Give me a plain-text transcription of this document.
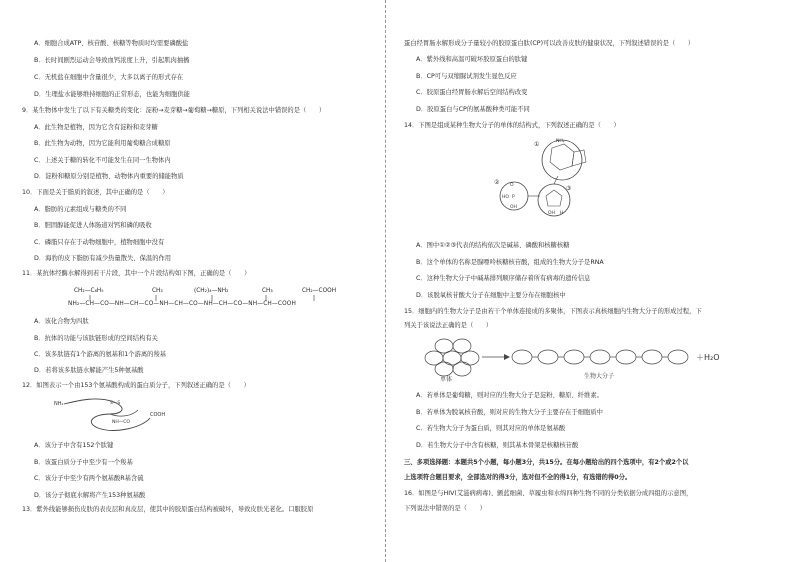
A．细胞合成ATP、核苷酸、核糖等物质时均需要磷酸盐
B．长时间剧烈运动会导致血钙浓度上升，引起肌肉抽搐
C．无机盐在细胞中含量很少，大多以离子的形式存在
D．生理盐水能够维持细胞的正常形态，也能为细胞供能
9．某生物体中发生了以下有关糖类的变化：淀粉→麦芽糖→葡萄糖→糖原，下列相关说法中错误的是（　　）
A．此生物是植物，因为它含有淀粉和麦芽糖
B．此生物为动物，因为它能利用葡萄糖合成糖原
C．上述关于糖的转化不可能发生在同一生物体内
D．淀粉和糖原分别是植物、动物体内重要的储能物质
10．下面是关于脂质的叙述，其中正确的是（　　）
A．脂肪的元素组成与糖类的不同
B．胆固醇能促进人体肠道对钙和磷的吸收
C．磷脂只存在于动物细胞中，植物细胞中没有
D．海豹的皮下脂肪有减少热量散失、保温的作用
11．某抗体经酶水解得到若干片段，其中一个片段结构如下图，正确的是（　　）
CH₂—C₆H₅	CH₃	(CH₂)₄—NH₂	CH₃	CH₂—COOH
NH₂—CH—CO—NH—CH—CO—NH—CH—CO—NH—CH—CO—NH—CH—COOH
A．该化合物为四肽
B．抗体的功能与该肽链形成的空间结构有关
C．该多肽链有1个游离的氨基和1个游离的羧基
D．若将该多肽链水解能产生5种氨基酸
12．如图表示一个由153个氨基酸构成的蛋白质分子，下列叙述正确的是（　　）
NH₂	S—S
NH—CO
COOH
A．该分子中含有152个肽键
B．该蛋白质分子中至少有一个羧基
C．该分子中至少有两个氨基酸R基含硫
D．该分子彻底水解将产生153种氨基酸
13．紫外线能够损伤皮肤的表皮层和真皮层，使其中的胶原蛋白结构被破坏，导致皮肤光老化。口服胶原
蛋白经胃肠水解形成分子量较小的胶原蛋白肽(CP)可以改善皮肤的健康状况，下列叙述错误的是（　　）
A．紫外线和高温可破坏胶原蛋白的肽键
B．CP可与双缩脲试剂发生显色反应
C．胶原蛋白经胃肠水解后空间结构改变
D．胶原蛋白与CP的氨基酸种类可能不同
14．下图是组成某种生物大分子的单体的结构式，下列叙述正确的是（　　）
①
②
③
NH₂
O
HO P
OH
OH H
A．图中①②③代表的结构依次是碱基、磷酸和核糖核糖
B．这个单体的名称是腺嘌呤核糖核苷酸，组成的生物大分子是RNA
C．这种生物大分子中碱基排列顺序储存着所有病毒的遗传信息
D．该脱氧核苷酸大分子在细胞中主要分布在细胞核中
15．细胞内的生物大分子是由若干个单体连接成的多聚体，下图表示真核细胞内生物大分子的形成过程，下
列关于该说法正确的是（　　）
＋H₂O
单体	生物大分子
A．若单体是葡萄糖，则对应的生物大分子是淀粉、糖原、纤维素。
B．若单体为脱氧核苷酸，则对应的生物大分子主要存在于细胞质中
C．若生物大分子为蛋白质，则其对应的单体是氨基酸
D．若生物大分子中含有核糖，则其基本骨架是核糖核苷酸
三、多项选择题：本题共5个小题，每小题3分，共15分。在每小题给出的四个选项中，有2个或2个以
上选项符合题目要求，全部选对的得3分，选对但不全的得1分，有选错的得0分。
16．如图是与HIV(艾滋病病毒)、颤蓝细菌、草履虫和水绵四种生物不同的分类依据分成四组的示意图，
下列说法中错误的是（　　）
